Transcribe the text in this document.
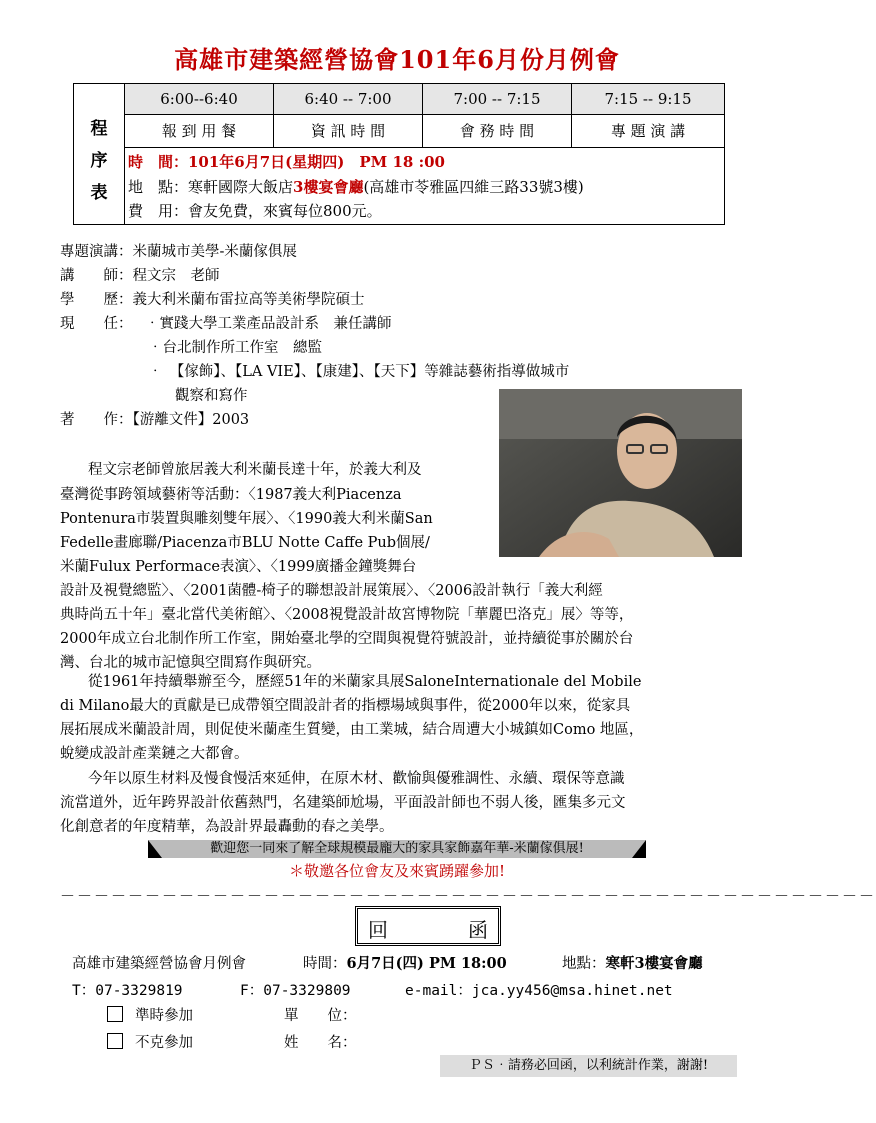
高雄市建築經營協會101年6月份月例會
程
序
表
6:00--6:40	6:40 -- 7:00	7:00 -- 7:15	7:15 -- 9:15
報 到 用 餐	資 訊 時 間	會 務 時 間	專 題 演 講
時　間：101年6月7日(星期四)　PM 18 :00
地　點：寒軒國際大飯店3樓宴會廳(高雄市苓雅區四維三路33號3樓)
費　用：會友免費，來賓每位800元。
專題演講：米蘭城市美學-米蘭傢俱展
講　　師：程文宗　老師
學　　歷：義大利米蘭布雷拉高等美術學院碩士
現　　任： ‧實踐大學工業產品設計系　兼任講師
‧台北制作所工作室　總監
‧　【傢飾】、【LA VIE】、【康建】、【天下】等雜誌藝術指導做城市
觀察和寫作
著　　作：【游離文件】2003
程文宗老師曾旅居義大利米蘭長達十年，於義大利及
臺灣從事跨領域藝術等活動：〈1987義大利Piacenza
Pontenura市裝置與雕刻雙年展〉、〈1990義大利米蘭San
Fedelle畫廊聯/Piacenza市BLU Notte Caffe Pub個展/
米蘭Fulux Performace表演〉、〈1999廣播金鐘獎舞台
設計及視覺總監〉、〈2001菌體-椅子的聯想設計展策展〉、〈2006設計執行「義大利經
典時尚五十年」臺北當代美術館〉、〈2008視覺設計故宮博物院「華麗巴洛克」展〉等等，
2000年成立台北制作所工作室，開始臺北學的空間與視覺符號設計，並持續從事於關於台
灣、台北的城市記憶與空間寫作與研究。
從1961年持續舉辦至今，歷經51年的米蘭家具展SaloneInternationale del Mobile
di Milano最大的貢獻是已成帶領空間設計者的指標場域與事件，從2000年以來，從家具
展拓展成米蘭設計周，則促使米蘭產生質變，由工業城，結合周遭大小城鎮如Como 地區，
蛻變成設計產業鏈之大都會。
今年以原生材料及慢食慢活來延伸，在原木材、歡愉與優雅調性、永續、環保等意識
流當道外，近年跨界設計依舊熱門，名建築師尬場，平面設計師也不弱人後，匯集多元文
化創意者的年度精華，為設計界最轟動的春之美學。
歡迎您一同來了解全球規模最龐大的家具家飾嘉年華-米蘭傢俱展!
＊敬邀各位會友及來賓踴躍參加!
－－－－－－－－－－－－－－－－－－－－－－－－－－－－－－－－－－－－－－－－－－－－－－－－
回	函
高雄市建築經營協會月例會	時間：6月7日(四) PM 18:00	地點：寒軒3樓宴會廳
T：07-3329819	F：07-3329809	e-mail：jca.yy456@msa.hinet.net
準時參加	單　　位：
不克參加	姓　　名：
ＰＳ‧請務必回函，以利統計作業，謝謝!
